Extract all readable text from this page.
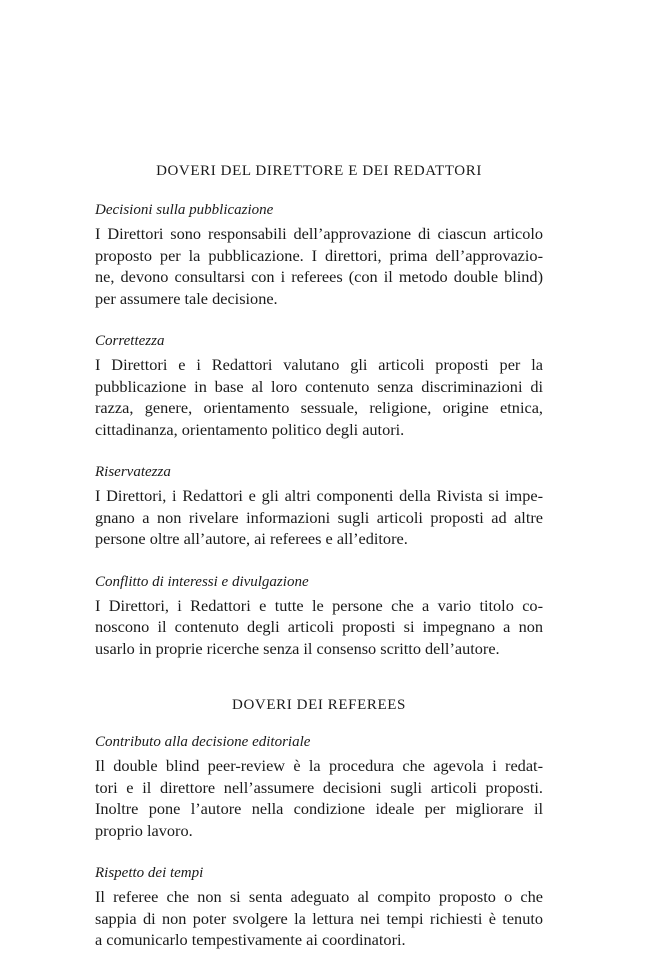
DOVERI DEL DIRETTORE E DEI REDATTORI

Decisioni sulla pubblicazione

I Direttori sono responsabili dell’approvazione di ciascun articolo
proposto per la pubblicazione. I direttori, prima dell’approvazio-
ne, devono consultarsi con i referees (con il metodo double blind)
per assumere tale decisione.

Correttezza

I Direttori e i Redattori valutano gli articoli proposti per la
pubblicazione in base al loro contenuto senza discriminazioni di
razza, genere, orientamento sessuale, religione, origine etnica,
cittadinanza, orientamento politico degli autori.

Riservatezza

I Direttori, i Redattori e gli altri componenti della Rivista si impe-
gnano a non rivelare informazioni sugli articoli proposti ad altre
persone oltre all’autore, ai referees e all’editore.

Conflitto di interessi e divulgazione

I Direttori, i Redattori e tutte le persone che a vario titolo co-
noscono il contenuto degli articoli proposti si impegnano a non
usarlo in proprie ricerche senza il consenso scritto dell’autore.

DOVERI DEI REFEREES

Contributo alla decisione editoriale

Il double blind peer-review è la procedura che agevola i redat-
tori e il direttore nell’assumere decisioni sugli articoli proposti.
Inoltre pone l’autore nella condizione ideale per migliorare il
proprio lavoro.

Rispetto dei tempi

Il referee che non si senta adeguato al compito proposto o che
sappia di non poter svolgere la lettura nei tempi richiesti è tenuto
a comunicarlo tempestivamente ai coordinatori.
